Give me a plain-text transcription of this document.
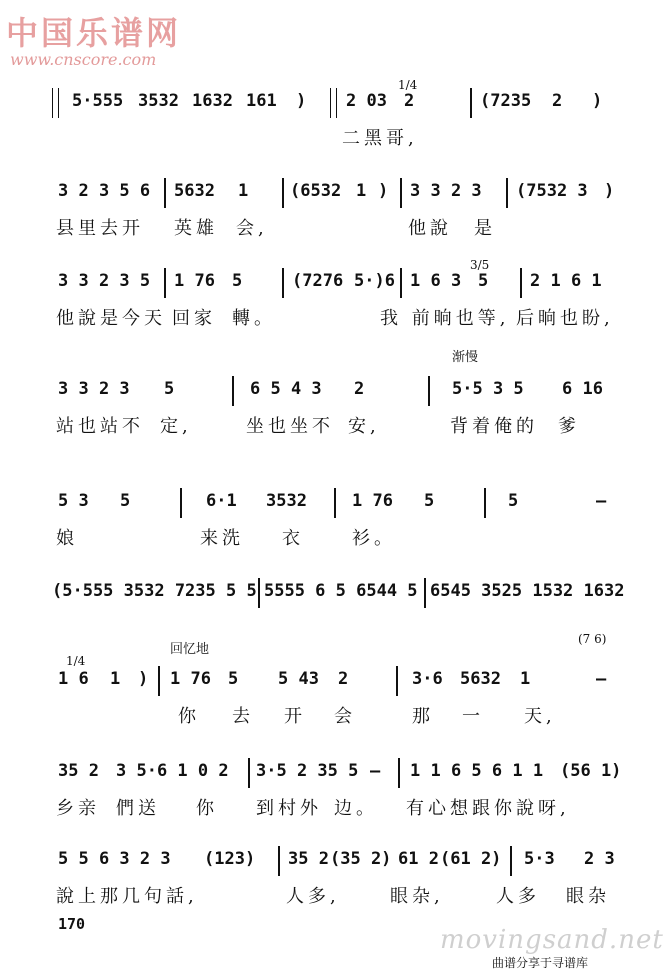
中国乐谱网
www.cnscore.com
5·555 3532 1632 161 ) 2 03 2	(7235 2 )
1/4
二黑哥,
3 2 3 5 6 5632 1 (6532 1 ) 3 3 2 3 (7532 3 )
县里去开 英雄 会,	他說 是
3 3 2 3 5 1 76 5	(7276 5·)6 1 6 3 5 2 1 6 1
3/5
他說是今天 回家 轉。	我 前晌也等, 后晌也盼,
渐慢
3 3 2 3 5	6 5 4 3 2	5·5 3 5 6 16
站也站不 定,	坐也坐不 安,	背着俺的 爹
5 3 5	6·1 3532	1 76 5	5	–
娘	来洗 衣	衫。
(5·555 3532 7235 5 5 5555 6 5 6544 5 6545 3525 1532 1632
回忆地
1/4
(7 6)
1 6 1 ) 1 76 5 5 43 2	3·6 5632 1	–
你 去 开 会	那 一 天,
35 2 3 5·6 1 0 2 3·5 2 35 5 – 1 1 6 5 6 1 1 (56 1)
乡亲 們送 你 到村外 边。 有心想跟你說呀,
5 5 6 3 2 3 (123) 35 2 (35 2) 61 2 (61 2) 5·3 2 3
說上那几句話,	人多,	眼杂,	人多 眼杂
170
movingsand.net
曲谱分享于寻谱库
